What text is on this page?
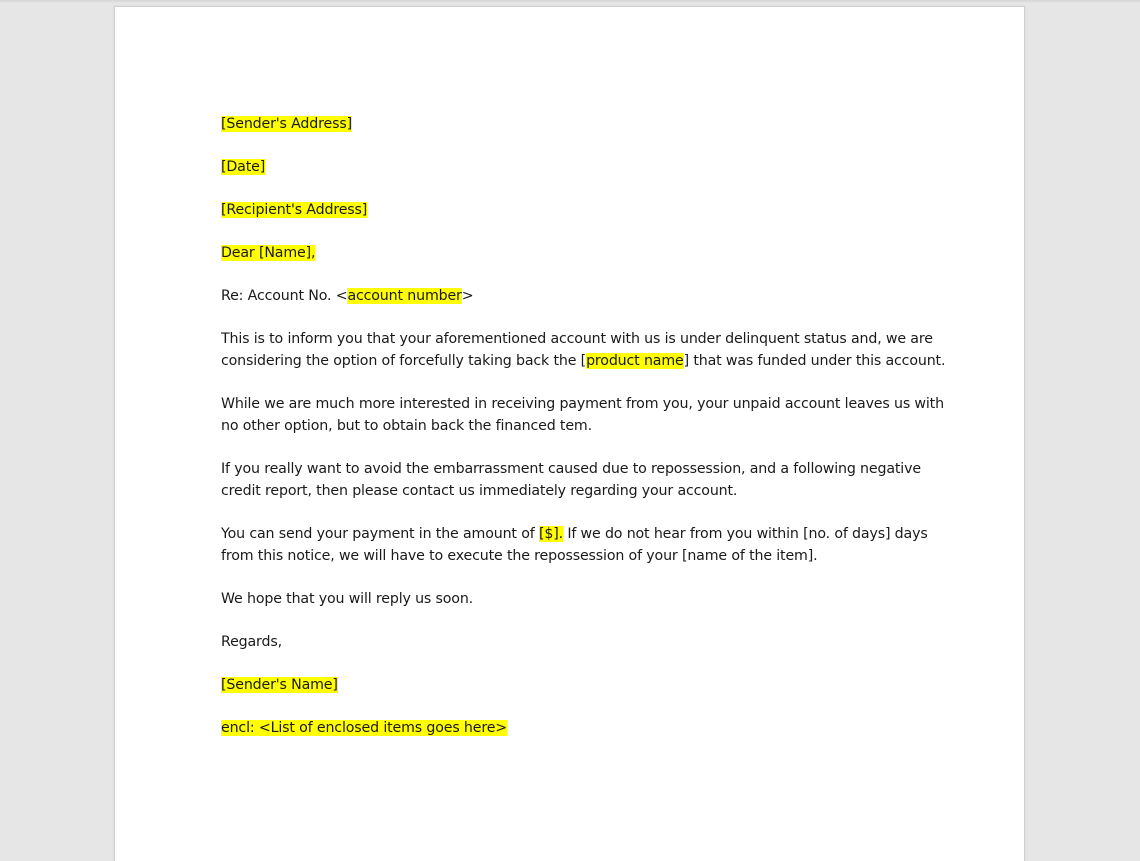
[Sender's Address]

[Date]

[Recipient's Address]

Dear [Name],

Re: Account No. <account number>

This is to inform you that your aforementioned account with us is under delinquent status and, we are
considering the option of forcefully taking back the [product name] that was funded under this account.

While we are much more interested in receiving payment from you, your unpaid account leaves us with
no other option, but to obtain back the financed tem.

If you really want to avoid the embarrassment caused due to repossession, and a following negative
credit report, then please contact us immediately regarding your account.

You can send your payment in the amount of [$]. If we do not hear from you within [no. of days] days
from this notice, we will have to execute the repossession of your [name of the item].

We hope that you will reply us soon.

Regards,

[Sender's Name]

encl: <List of enclosed items goes here>
